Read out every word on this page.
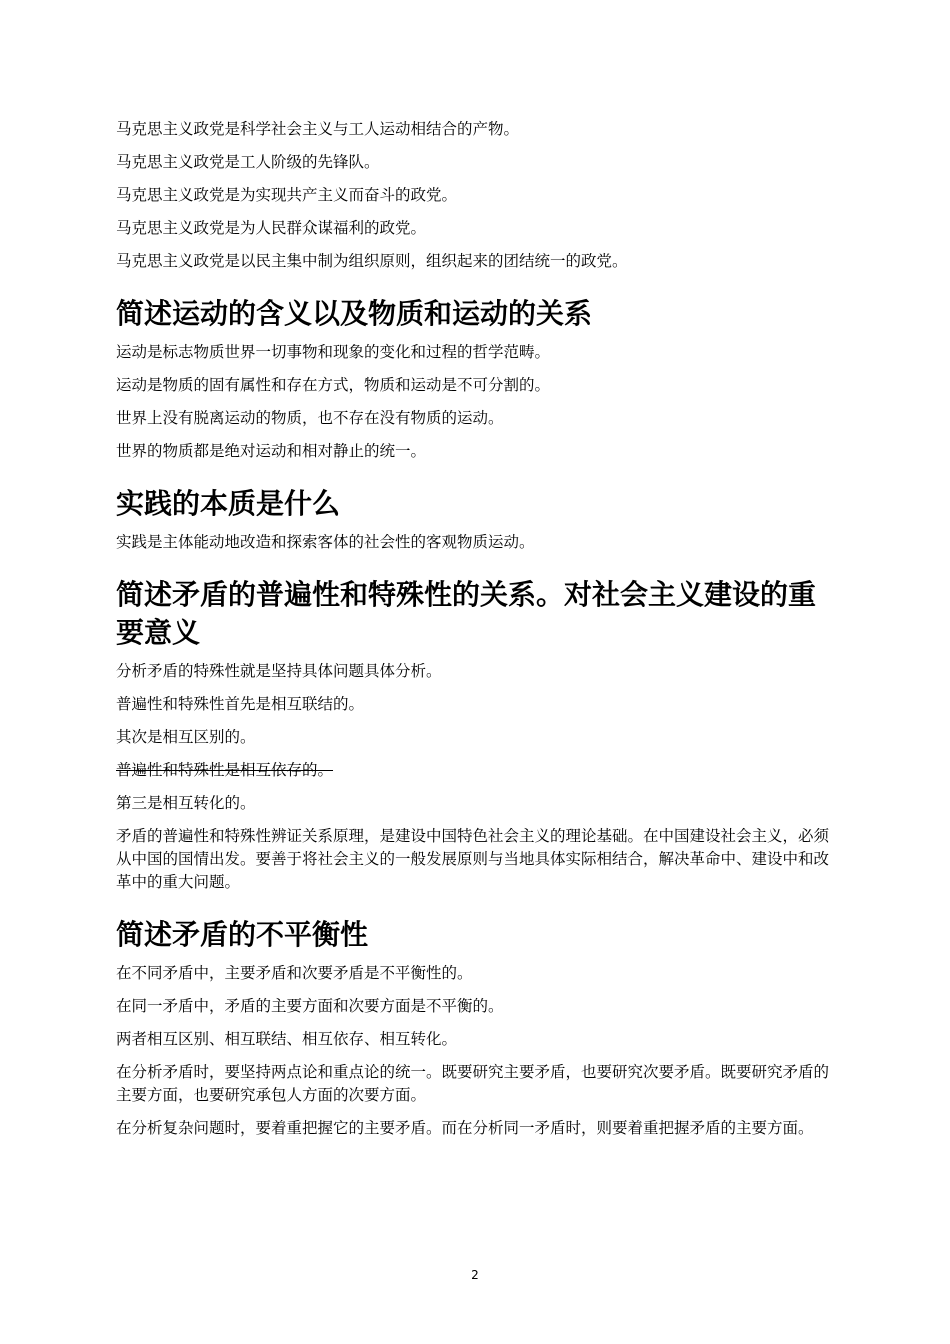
马克思主义政党是科学社会主义与工人运动相结合的产物。

马克思主义政党是工人阶级的先锋队。

马克思主义政党是为实现共产主义而奋斗的政党。

马克思主义政党是为人民群众谋福利的政党。

马克思主义政党是以民主集中制为组织原则，组织起来的团结统一的政党。

简述运动的含义以及物质和运动的关系

运动是标志物质世界一切事物和现象的变化和过程的哲学范畴。

运动是物质的固有属性和存在方式，物质和运动是不可分割的。

世界上没有脱离运动的物质，也不存在没有物质的运动。

世界的物质都是绝对运动和相对静止的统一。

实践的本质是什么

实践是主体能动地改造和探索客体的社会性的客观物质运动。

简述矛盾的普遍性和特殊性的关系。对社会主义建设的重要意义

分析矛盾的特殊性就是坚持具体问题具体分析。

普遍性和特殊性首先是相互联结的。

其次是相互区别的。

普遍性和特殊性是相互依存的。

第三是相互转化的。

矛盾的普遍性和特殊性辨证关系原理，是建设中国特色社会主义的理论基础。在中国建设社会主义，必须从中国的国情出发。要善于将社会主义的一般发展原则与当地具体实际相结合，解决革命中、建设中和改革中的重大问题。

简述矛盾的不平衡性

在不同矛盾中，主要矛盾和次要矛盾是不平衡性的。

在同一矛盾中，矛盾的主要方面和次要方面是不平衡的。

两者相互区别、相互联结、相互依存、相互转化。

在分析矛盾时，要坚持两点论和重点论的统一。既要研究主要矛盾，也要研究次要矛盾。既要研究矛盾的主要方面，也要研究承包人方面的次要方面。

在分析复杂问题时，要着重把握它的主要矛盾。而在分析同一矛盾时，则要着重把握矛盾的主要方面。

2
